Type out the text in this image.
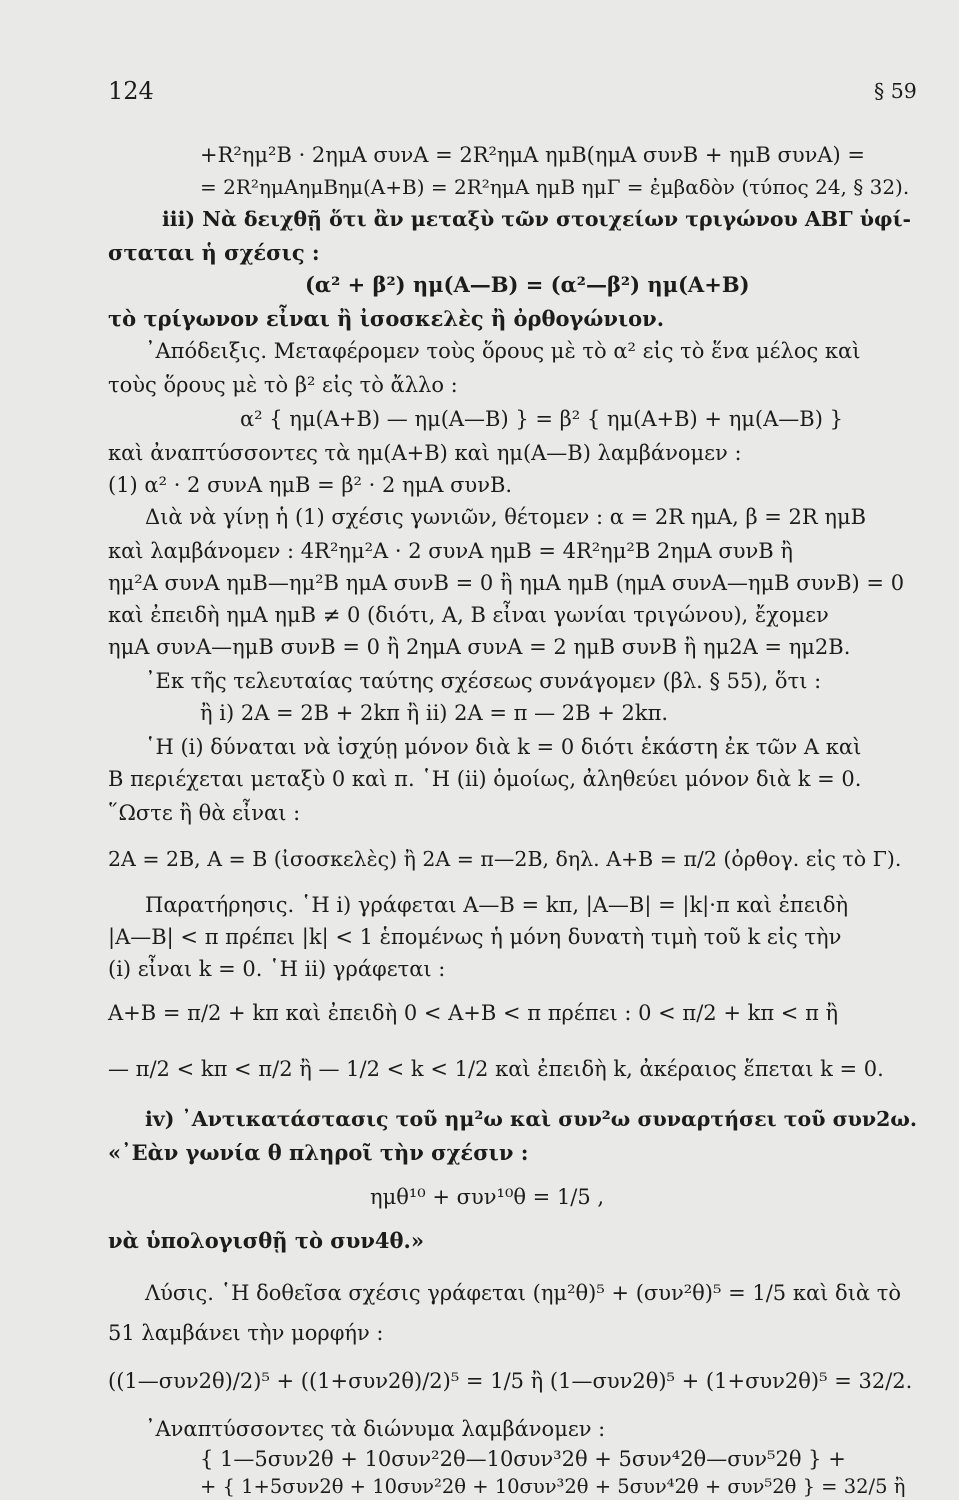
124	§ 59
+R²ημ²B · 2ημA συνA = 2R²ημA ημB(ημA συνB + ημB συνA) =
= 2R²ημAημBημ(A+B) = 2R²ημA ημB ημΓ = ἐμβαδὸν (τύπος 24, § 32).
iii) Νὰ δειχθῇ ὅτι ἂν μεταξὺ τῶν στοιχείων τριγώνου ΑΒΓ ὑφί-
σταται ἡ σχέσις :
(α² + β²) ημ(A—B) = (α²—β²) ημ(A+B)
τὸ τρίγωνον εἶναι ἢ ἰσοσκελὲς ἢ ὀρθογώνιον.
᾿Απόδειξις. Μεταφέρομεν τοὺς ὅρους μὲ τὸ α² εἰς τὸ ἕνα μέλος καὶ
τοὺς ὅρους μὲ τὸ β² εἰς τὸ ἄλλο :
α² { ημ(A+B) — ημ(A—B) } = β² { ημ(A+B) + ημ(A—B) }
καὶ ἀναπτύσσοντες τὰ ημ(A+B) καὶ ημ(A—B) λαμβάνομεν :
(1) α² · 2 συνA ημB = β² · 2 ημA συνB.
Διὰ νὰ γίνῃ ἡ (1) σχέσις γωνιῶν, θέτομεν : α = 2R ημA, β = 2R ημB
καὶ λαμβάνομεν : 4R²ημ²A · 2 συνA ημB = 4R²ημ²B 2ημA συνB ἢ
ημ²A συνA ημB—ημ²B ημA συνB = 0 ἢ ημA ημB (ημA συνA—ημB συνB) = 0
καὶ ἐπειδὴ ημA ημB ≠ 0 (διότι, A, B εἶναι γωνίαι τριγώνου), ἔχομεν
ημA συνA—ημB συνB = 0 ἢ 2ημA συνA = 2 ημB συνB ἢ ημ2A = ημ2B.
᾿Εκ τῆς τελευταίας ταύτης σχέσεως συνάγομεν (βλ. § 55), ὅτι :
ἢ i) 2A = 2B + 2kπ ἢ ii) 2A = π — 2B + 2kπ.
῾Η (i) δύναται νὰ ἰσχύῃ μόνον διὰ k = 0 διότι ἑκάστη ἐκ τῶν A καὶ
B περιέχεται μεταξὺ 0 καὶ π. ῾Η (ii) ὁμοίως, ἀληθεύει μόνον διὰ k = 0.
῞Ωστε ἢ θὰ εἶναι :
2A = 2B, A = B (ἰσοσκελὲς) ἢ 2A = π—2B, δηλ. A+B = π/2 (ὀρθογ. εἰς τὸ Γ).
Παρατήρησις. ῾Η i) γράφεται A—B = kπ, |A—B| = |k|·π καὶ ἐπειδὴ
|A—B| < π πρέπει |k| < 1 ἑπομένως ἡ μόνη δυνατὴ τιμὴ τοῦ k εἰς τὴν
(i) εἶναι k = 0. ῾Η ii) γράφεται :
A+B = π/2 + kπ καὶ ἐπειδὴ 0 < A+B < π πρέπει : 0 < π/2 + kπ < π ἢ
— π/2 < kπ < π/2 ἢ — 1/2 < k < 1/2 καὶ ἐπειδὴ k, ἀκέραιος ἕπεται k = 0.
iv) ᾿Αντικατάστασις τοῦ ημ²ω καὶ συν²ω συναρτήσει τοῦ συν2ω.
«᾿Εὰν γωνία θ πληροῖ τὴν σχέσιν :
ημθ¹⁰ + συν¹⁰θ = 1/5 ,
νὰ ὑπολογισθῇ τὸ συν4θ.»
Λύσις. ῾Η δοθεῖσα σχέσις γράφεται (ημ²θ)⁵ + (συν²θ)⁵ = 1/5 καὶ διὰ τὸ
51 λαμβάνει τὴν μορφήν :
((1—συν2θ)/2)⁵ + ((1+συν2θ)/2)⁵ = 1/5 ἢ (1—συν2θ)⁵ + (1+συν2θ)⁵ = 32/2.
᾿Αναπτύσσοντες τὰ διώνυμα λαμβάνομεν :
{ 1—5συν2θ + 10συν²2θ—10συν³2θ + 5συν⁴2θ—συν⁵2θ } +
+ { 1+5συν2θ + 10συν²2θ + 10συν³2θ + 5συν⁴2θ + συν⁵2θ } = 32/5 ἢ
